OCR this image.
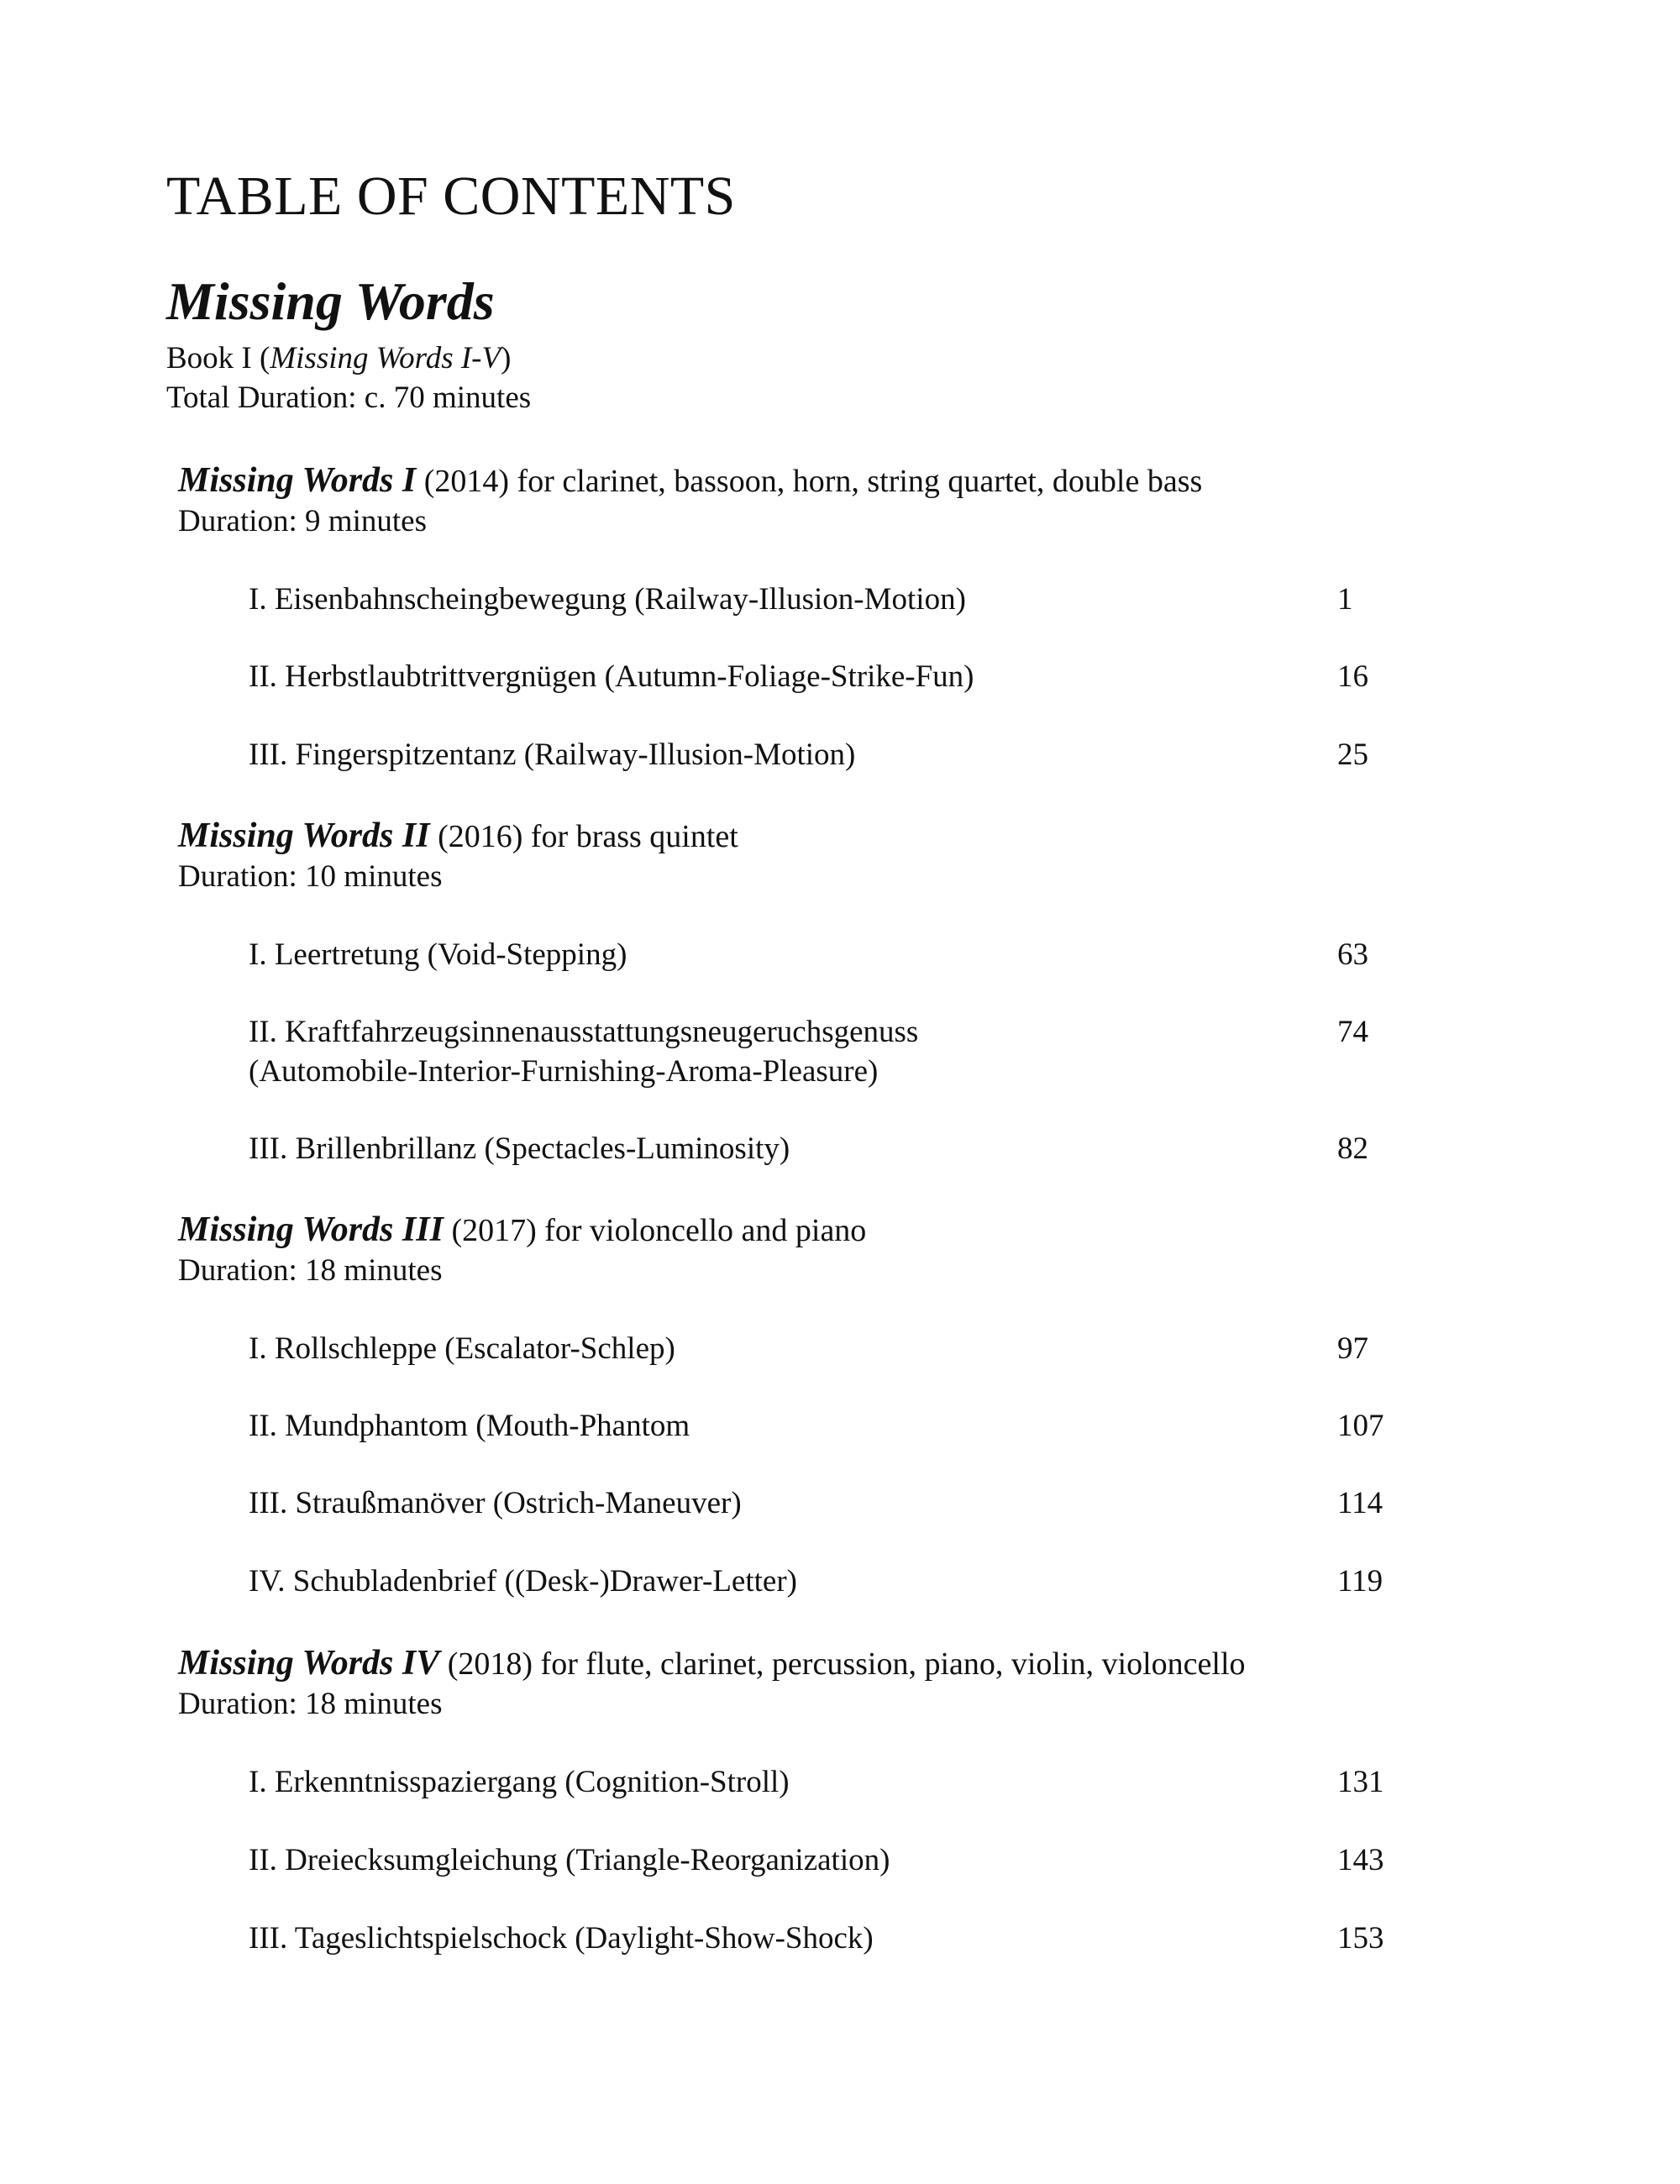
TABLE OF CONTENTS
Missing Words
Book I (Missing Words I-V)
Total Duration: c. 70 minutes
Missing Words I (2014) for clarinet, bassoon, horn, string quartet, double bass
Duration: 9 minutes
I. Eisenbahnscheingbewegung (Railway-Illusion-Motion)	1
II. Herbstlaubtrittvergnügen (Autumn-Foliage-Strike-Fun)	16
III. Fingerspitzentanz (Railway-Illusion-Motion)	25
Missing Words II (2016) for brass quintet
Duration: 10 minutes
I. Leertretung (Void-Stepping)	63
II. Kraftfahrzeugsinnenausstattungsneugeruchsgenuss
(Automobile-Interior-Furnishing-Aroma-Pleasure)
74
III. Brillenbrillanz (Spectacles-Luminosity)	82
Missing Words III (2017) for violoncello and piano
Duration: 18 minutes
I. Rollschleppe (Escalator-Schlep)	97
II. Mundphantom (Mouth-Phantom	107
III. Straußmanöver (Ostrich-Maneuver)	114
IV. Schubladenbrief ((Desk-)Drawer-Letter)	119
Missing Words IV (2018) for flute, clarinet, percussion, piano, violin, violoncello
Duration: 18 minutes
I. Erkenntnisspaziergang (Cognition-Stroll)	131
II. Dreiecksumgleichung (Triangle-Reorganization)	143
III. Tageslichtspielschock (Daylight-Show-Shock)	153
